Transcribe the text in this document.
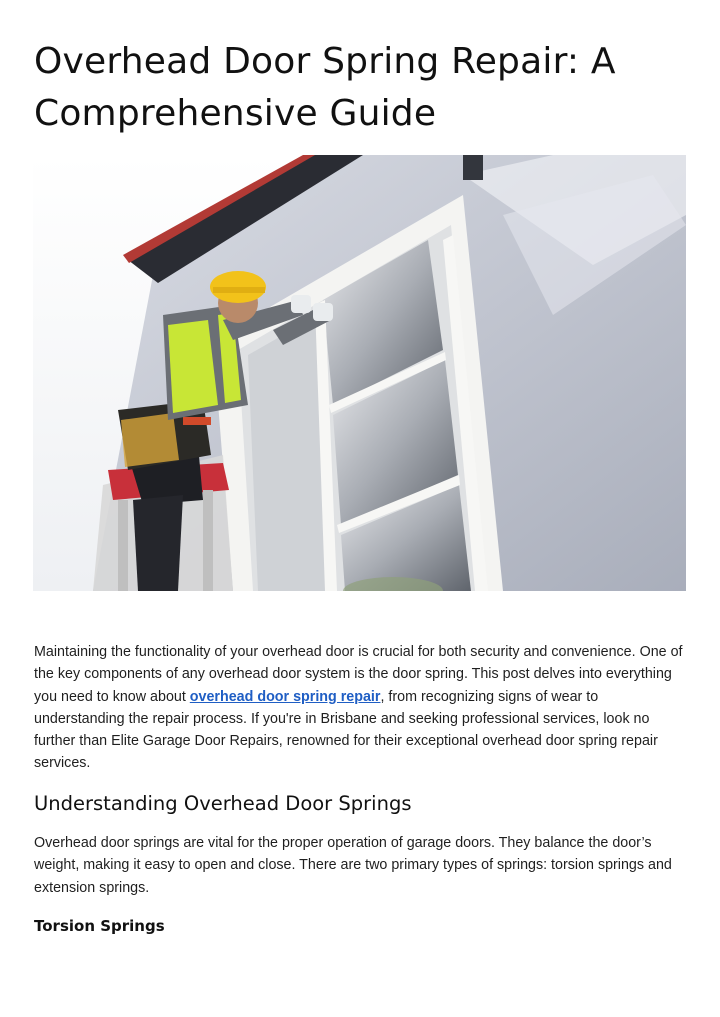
Overhead Door Spring Repair: A Comprehensive Guide

Maintaining the functionality of your overhead door is crucial for both security and convenience. One of the key components of any overhead door system is the door spring. This post delves into everything you need to know about overhead door spring repair, from recognizing signs of wear to understanding the repair process. If you're in Brisbane and seeking professional services, look no further than Elite Garage Door Repairs, renowned for their exceptional overhead door spring repair services.

Understanding Overhead Door Springs

Overhead door springs are vital for the proper operation of garage doors. They balance the door’s weight, making it easy to open and close. There are two primary types of springs: torsion springs and extension springs.

Torsion Springs
